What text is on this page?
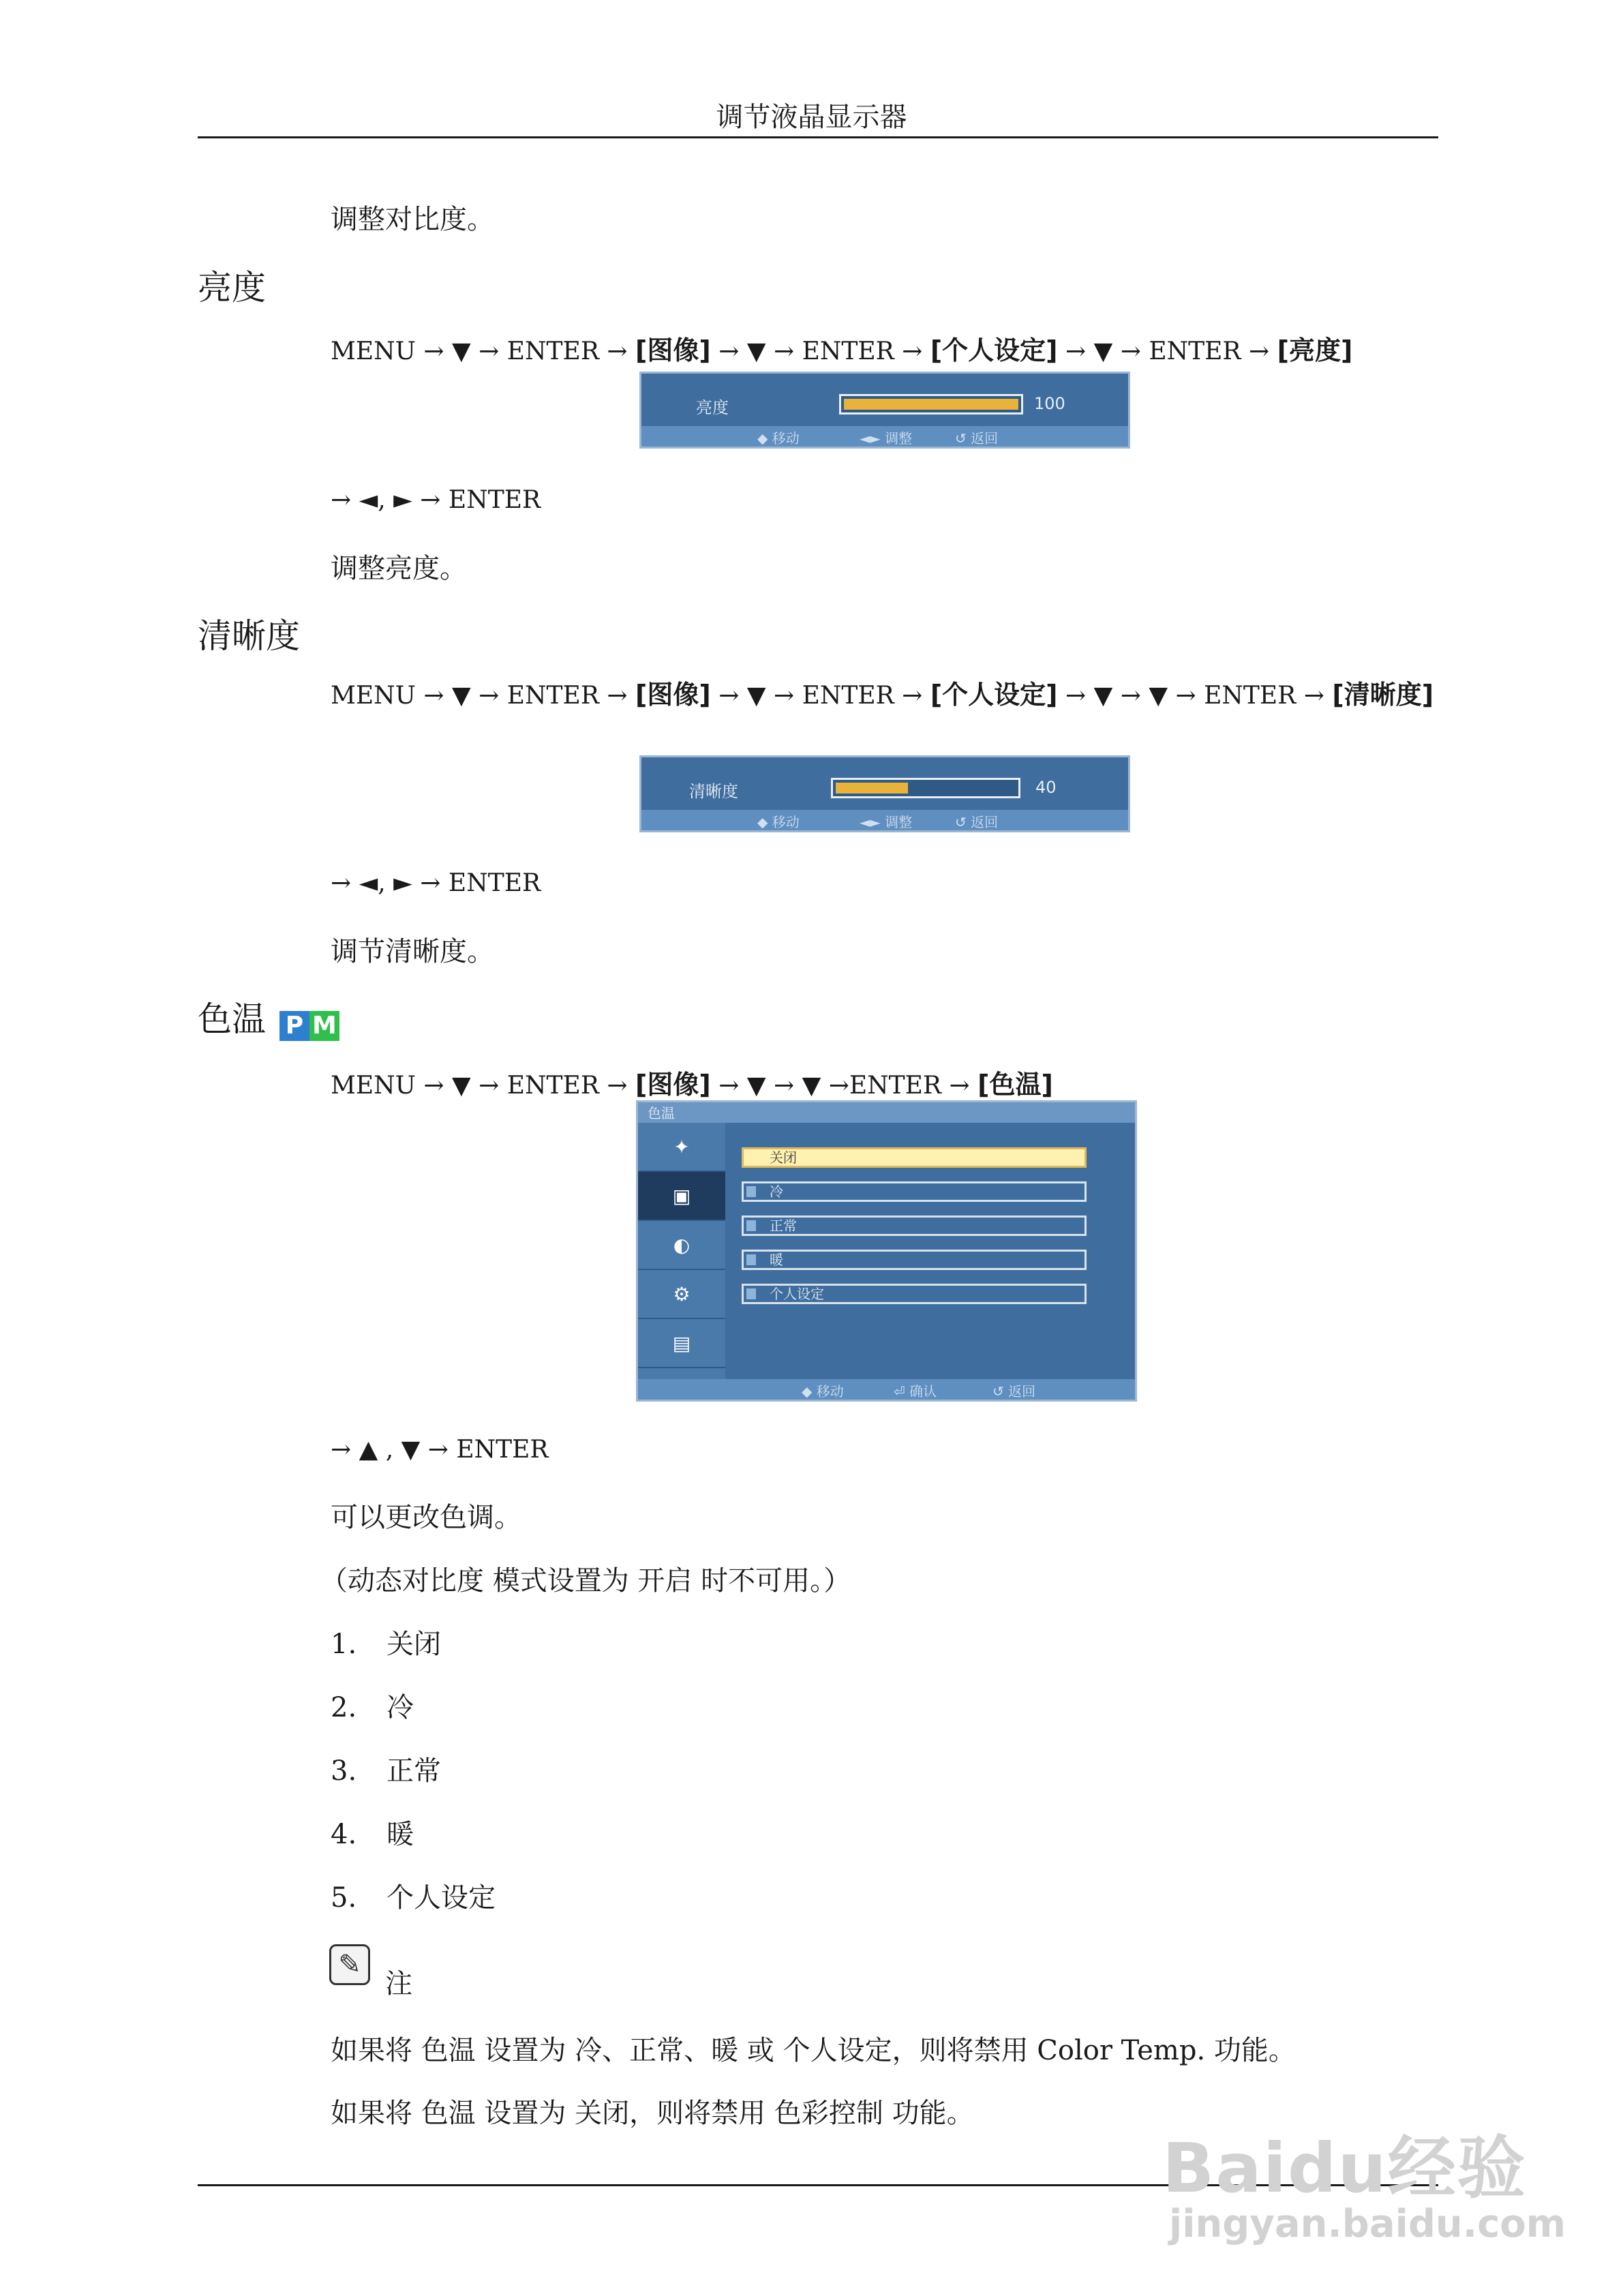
调节液晶显示器
调整对比度。
亮度
MENU → ▼ → ENTER → [图像] → ▼ → ENTER → [个人设定] → ▼ → ENTER → [亮度]
亮度	100
◆ 移动	◄► 调整	↺ 返回
→ ◄, ► → ENTER
调整亮度。
清晰度
MENU → ▼ → ENTER → [图像] → ▼ → ENTER → [个人设定] → ▼ → ▼ → ENTER → [清晰度]
清晰度	40
◆ 移动	◄► 调整	↺ 返回
→ ◄, ► → ENTER
调节清晰度。
色温 P M
MENU → ▼ → ENTER → [图像] → ▼ → ▼ →ENTER → [色温]
色温
✦
▣
◐
⚙
▤
关闭
冷
正常
暖
个人设定
◆ 移动	⏎ 确认	↺ 返回
→ ▲ , ▼ → ENTER
可以更改色调。
（动态对比度 模式设置为 开启 时不可用。）
1. 关闭
2. 冷
3. 正常
4. 暖
5. 个人设定
✎
注
如果将 色温 设置为 冷、正常、暖 或 个人设定，则将禁用 Color Temp. 功能。
如果将 色温 设置为 关闭，则将禁用 色彩控制 功能。
Baidu经验
jingyan.baidu.com
